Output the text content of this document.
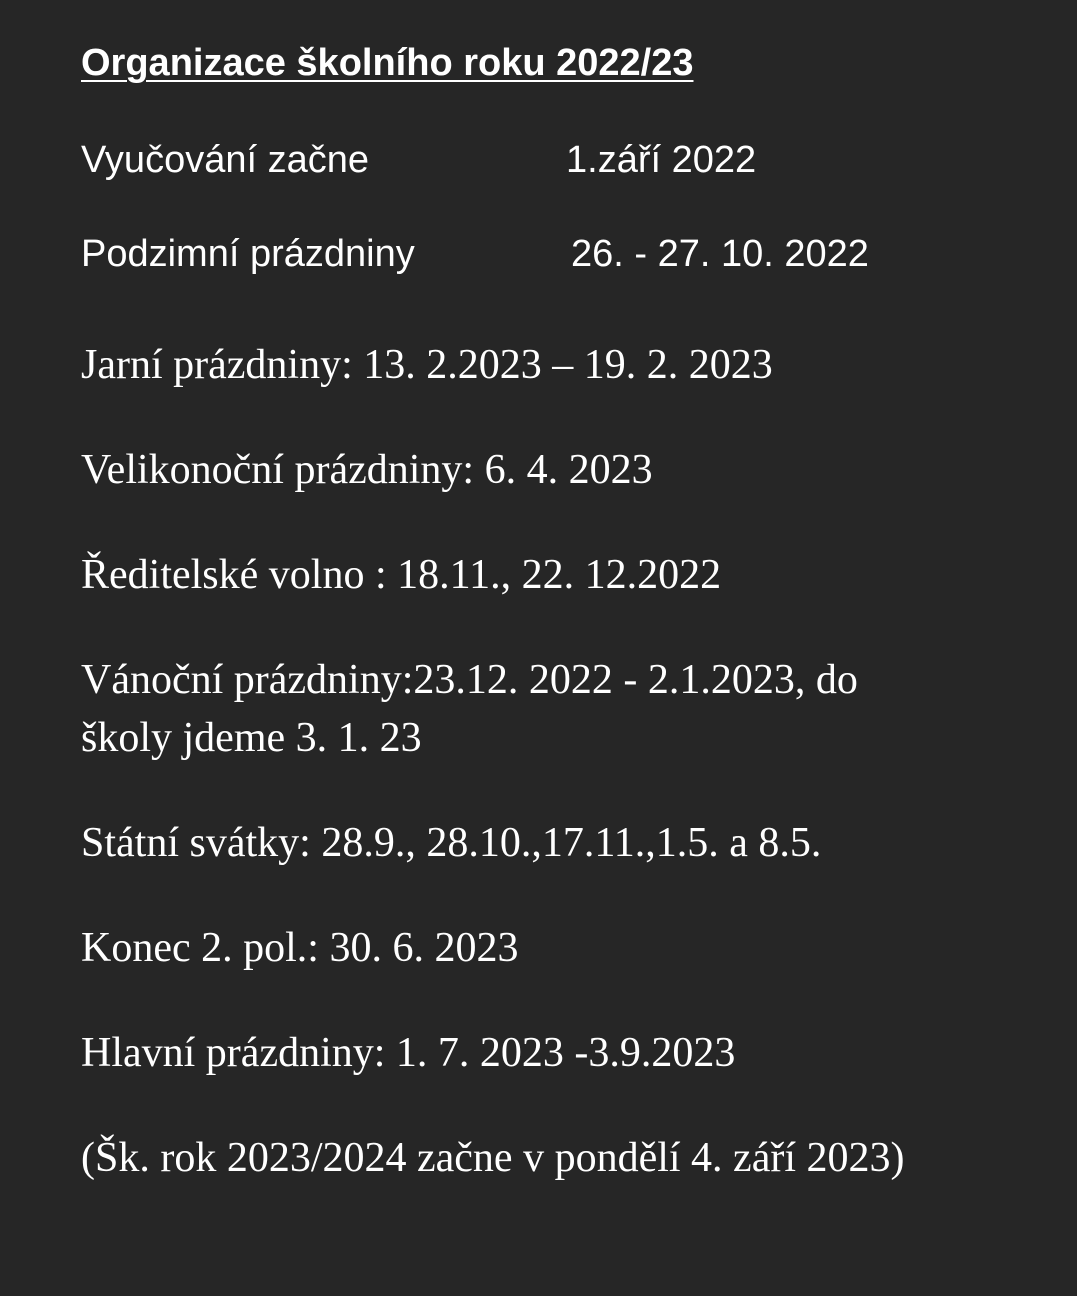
Organizace školního roku 2022/23
Vyučování začne	1.září 2022
Podzimní prázdniny	26. - 27. 10. 2022
Jarní prázdniny: 13. 2.2023 – 19. 2. 2023
Velikonoční prázdniny: 6. 4. 2023
Ředitelské volno : 18.11., 22. 12.2022
Vánoční prázdniny:23.12. 2022 - 2.1.2023, do
školy jdeme 3. 1. 23
Státní svátky: 28.9., 28.10.,17.11.,1.5. a 8.5.
Konec 2. pol.: 30. 6. 2023
Hlavní prázdniny: 1. 7. 2023 -3.9.2023
(Šk. rok 2023/2024 začne v pondělí 4. září 2023)
